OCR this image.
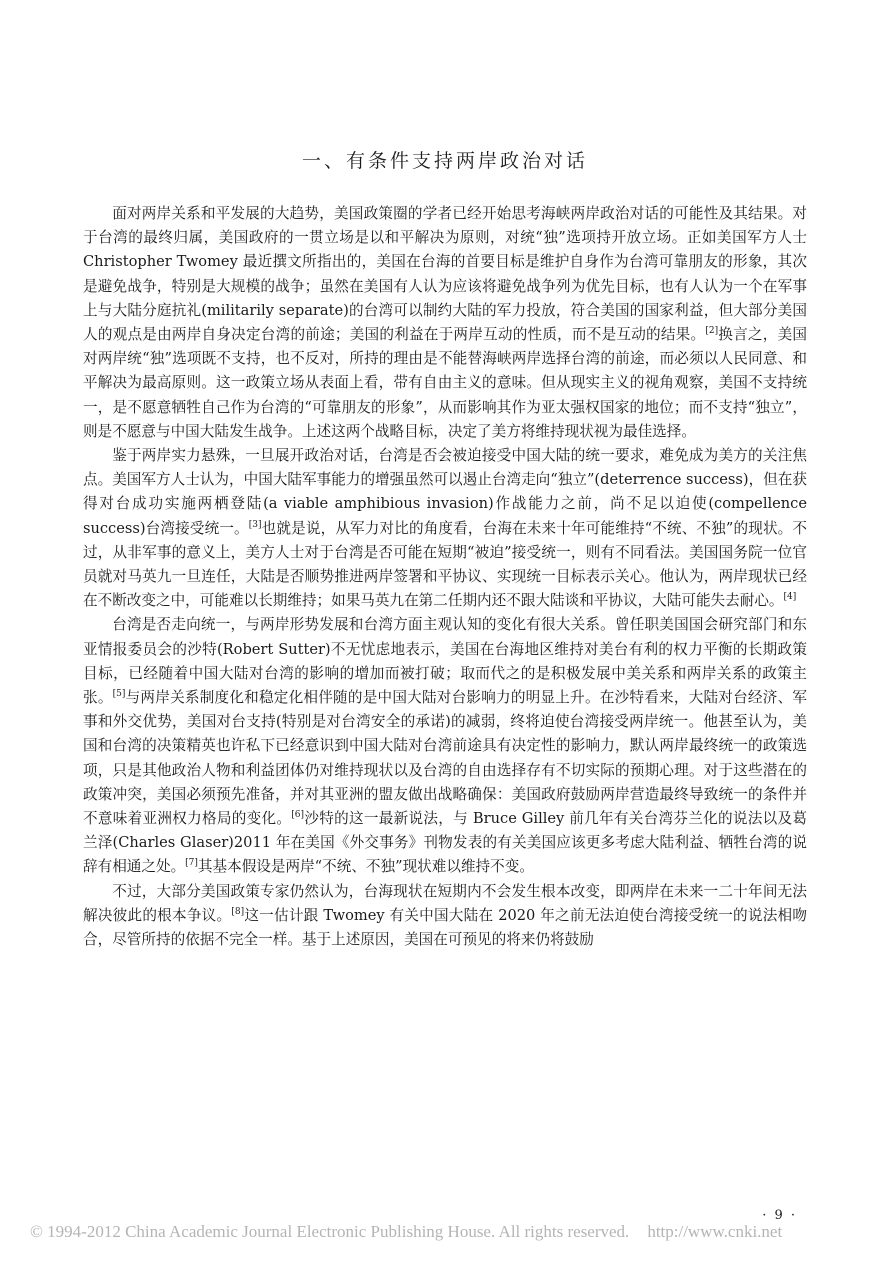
一、有条件支持两岸政治对话

面对两岸关系和平发展的大趋势，美国政策圈的学者已经开始思考海峡两岸政治对话的可能性及其结果。对于台湾的最终归属，美国政府的一贯立场是以和平解决为原则，对统“独”选项持开放立场。正如美国军方人士 Christopher Twomey 最近撰文所指出的，美国在台海的首要目标是维护自身作为台湾可靠朋友的形象，其次是避免战争，特别是大规模的战争；虽然在美国有人认为应该将避免战争列为优先目标，也有人认为一个在军事上与大陆分庭抗礼(militarily separate)的台湾可以制约大陆的军力投放，符合美国的国家利益，但大部分美国人的观点是由两岸自身决定台湾的前途；美国的利益在于两岸互动的性质，而不是互动的结果。[2]换言之，美国对两岸统“独”选项既不支持，也不反对，所持的理由是不能替海峡两岸选择台湾的前途，而必须以人民同意、和平解决为最高原则。这一政策立场从表面上看，带有自由主义的意味。但从现实主义的视角观察，美国不支持统一，是不愿意牺牲自己作为台湾的“可靠朋友的形象”，从而影响其作为亚太强权国家的地位；而不支持“独立”，则是不愿意与中国大陆发生战争。上述这两个战略目标，决定了美方将维持现状视为最佳选择。

鉴于两岸实力悬殊，一旦展开政治对话，台湾是否会被迫接受中国大陆的统一要求，难免成为美方的关注焦点。美国军方人士认为，中国大陆军事能力的增强虽然可以遏止台湾走向“独立”(deterrence success)，但在获得对台成功实施两栖登陆(a viable amphibious invasion)作战能力之前，尚不足以迫使(compellence success)台湾接受统一。[3]也就是说，从军力对比的角度看，台海在未来十年可能维持“不统、不独”的现状。不过，从非军事的意义上，美方人士对于台湾是否可能在短期“被迫”接受统一，则有不同看法。美国国务院一位官员就对马英九一旦连任，大陆是否顺势推进两岸签署和平协议、实现统一目标表示关心。他认为，两岸现状已经在不断改变之中，可能难以长期维持；如果马英九在第二任期内还不跟大陆谈和平协议，大陆可能失去耐心。[4]

台湾是否走向统一，与两岸形势发展和台湾方面主观认知的变化有很大关系。曾任职美国国会研究部门和东亚情报委员会的沙特(Robert Sutter)不无忧虑地表示，美国在台海地区维持对美台有利的权力平衡的长期政策目标，已经随着中国大陆对台湾的影响的增加而被打破；取而代之的是积极发展中美关系和两岸关系的政策主张。[5]与两岸关系制度化和稳定化相伴随的是中国大陆对台影响力的明显上升。在沙特看来，大陆对台经济、军事和外交优势，美国对台支持(特别是对台湾安全的承诺)的减弱，终将迫使台湾接受两岸统一。他甚至认为，美国和台湾的决策精英也许私下已经意识到中国大陆对台湾前途具有决定性的影响力，默认两岸最终统一的政策选项，只是其他政治人物和利益团体仍对维持现状以及台湾的自由选择存有不切实际的预期心理。对于这些潜在的政策冲突，美国必须预先准备，并对其亚洲的盟友做出战略确保：美国政府鼓励两岸营造最终导致统一的条件并不意味着亚洲权力格局的变化。[6]沙特的这一最新说法，与 Bruce Gilley 前几年有关台湾芬兰化的说法以及葛兰泽(Charles Glaser)2011 年在美国《外交事务》刊物发表的有关美国应该更多考虑大陆利益、牺牲台湾的说辞有相通之处。[7]其基本假设是两岸“不统、不独”现状难以维持不变。

不过，大部分美国政策专家仍然认为，台海现状在短期内不会发生根本改变，即两岸在未来一二十年间无法解决彼此的根本争议。[8]这一估计跟 Twomey 有关中国大陆在 2020 年之前无法迫使台湾接受统一的说法相吻合，尽管所持的依据不完全一样。基于上述原因，美国在可预见的将来仍将鼓励

· 9 ·
© 1994-2012 China Academic Journal Electronic Publishing House. All rights reserved. http://www.cnki.net
